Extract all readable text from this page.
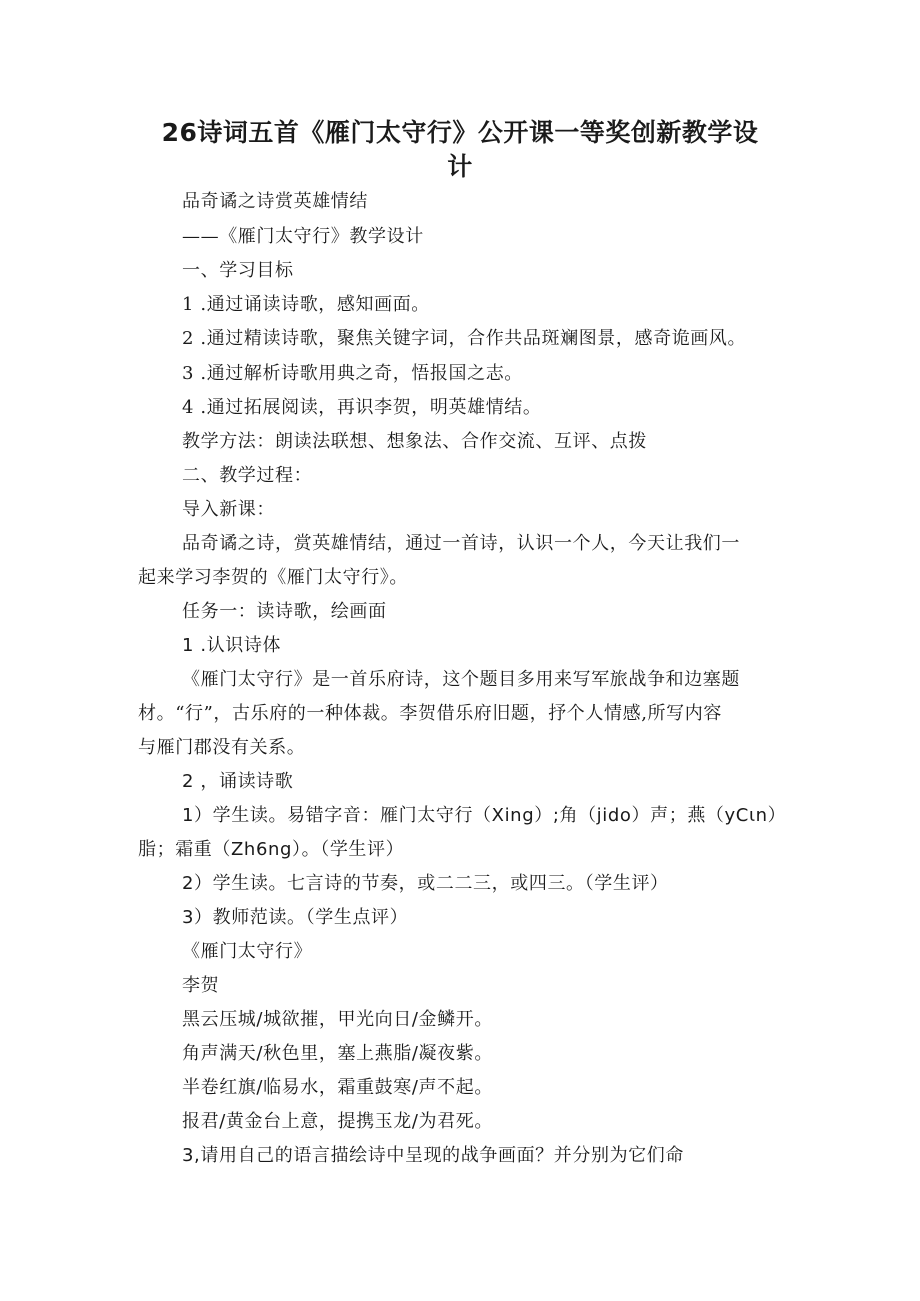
26诗词五首《雁门太守行》公开课一等奖创新教学设
计
品奇谲之诗赏英雄情结
——《雁门太守行》教学设计
一、学习目标
1 .通过诵读诗歌，感知画面。
2 .通过精读诗歌，聚焦关键字词，合作共品斑斓图景，感奇诡画风。
3 .通过解析诗歌用典之奇，悟报国之志。
4 .通过拓展阅读，再识李贺，明英雄情结。
教学方法：朗读法联想、想象法、合作交流、互评、点拨
二、教学过程：
导入新课：
品奇谲之诗，赏英雄情结，通过一首诗，认识一个人，今天让我们一
起来学习李贺的《雁门太守行》。
任务一：读诗歌，绘画面
1 .认识诗体
《雁门太守行》是一首乐府诗，这个题目多用来写军旅战争和边塞题
材。“行”，古乐府的一种体裁。李贺借乐府旧题，抒个人情感,所写内容
与雁门郡没有关系。
2 ，诵读诗歌
1）学生读。易错字音：雁门太守行（Xing）;角（jido）声；燕（yCιn）
脂；霜重（Zh6ng）。（学生评）
2）学生读。七言诗的节奏，或二二三，或四三。（学生评）
3）教师范读。（学生点评）
《雁门太守行》
李贺
黑云压城/城欲摧，甲光向日/金鳞开。
角声满天/秋色里，塞上燕脂/凝夜紫。
半卷红旗/临易水，霜重鼓寒/声不起。
报君/黄金台上意，提携玉龙/为君死。
3,请用自己的语言描绘诗中呈现的战争画面？并分别为它们命
